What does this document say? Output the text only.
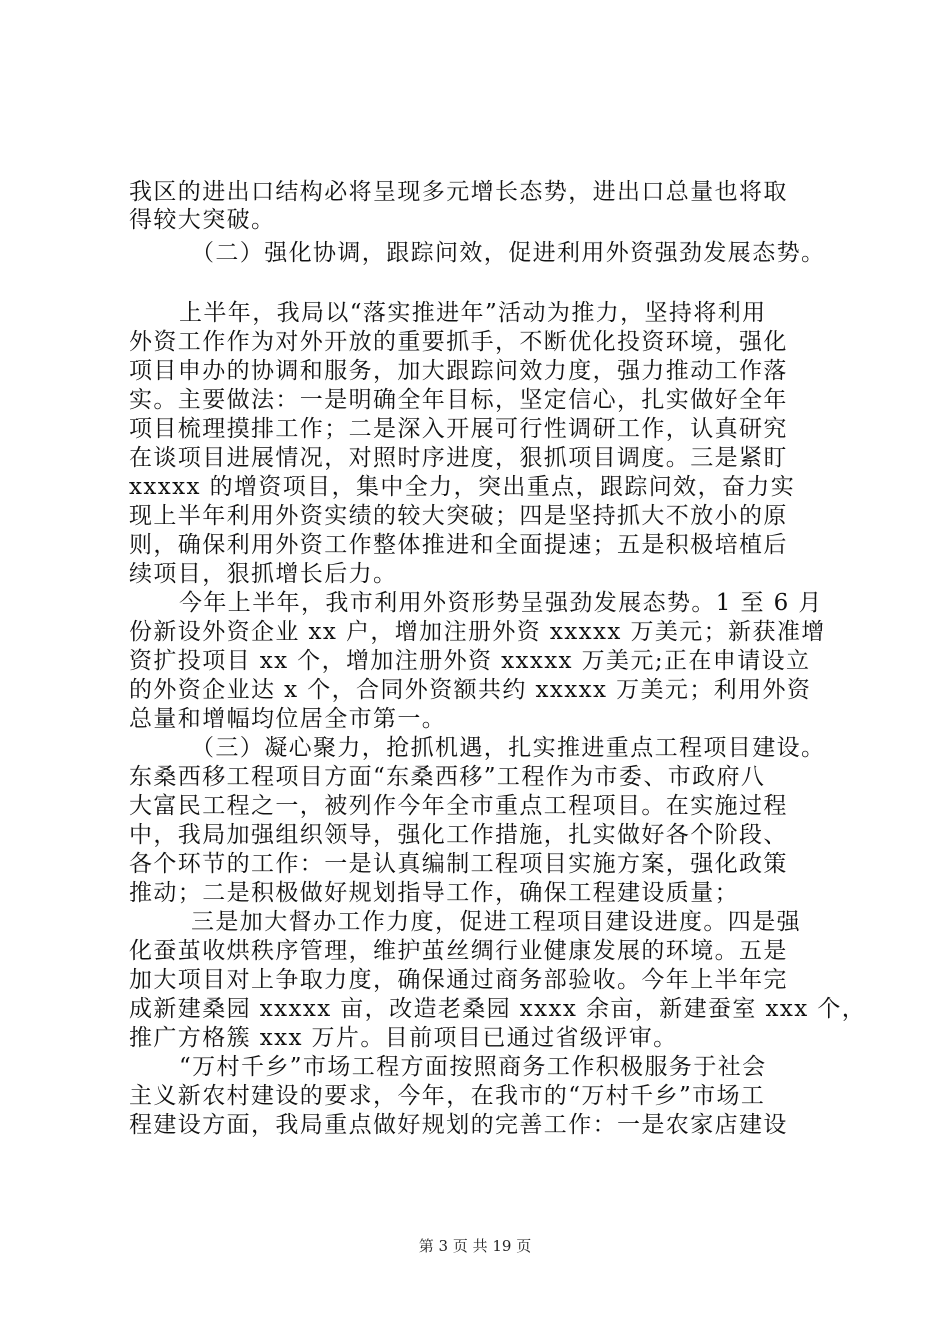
我区的进出口结构必将呈现多元增长态势，进出口总量也将取
得较大突破。
（二）强化协调，跟踪问效，促进利用外资强劲发展态势。
上半年，我局以“落实推进年”活动为推力，坚持将利用
外资工作作为对外开放的重要抓手，不断优化投资环境，强化
项目申办的协调和服务，加大跟踪问效力度，强力推动工作落
实。主要做法：一是明确全年目标，坚定信心，扎实做好全年
项目梳理摸排工作；二是深入开展可行性调研工作，认真研究
在谈项目进展情况，对照时序进度，狠抓项目调度。三是紧盯
xxxxx 的增资项目，集中全力，突出重点，跟踪问效，奋力实
现上半年利用外资实绩的较大突破；四是坚持抓大不放小的原
则，确保利用外资工作整体推进和全面提速；五是积极培植后
续项目，狠抓增长后力。
今年上半年，我市利用外资形势呈强劲发展态势。1 至 6 月
份新设外资企业 xx 户，增加注册外资 xxxxx 万美元；新获准增
资扩投项目 xx 个，增加注册外资 xxxxx 万美元;正在申请设立
的外资企业达 x 个，合同外资额共约 xxxxx 万美元；利用外资
总量和增幅均位居全市第一。
（三）凝心聚力，抢抓机遇，扎实推进重点工程项目建设。
东桑西移工程项目方面“东桑西移”工程作为市委、市政府八
大富民工程之一，被列作今年全市重点工程项目。在实施过程
中，我局加强组织领导，强化工作措施，扎实做好各个阶段、
各个环节的工作：一是认真编制工程项目实施方案，强化政策
推动；二是积极做好规划指导工作，确保工程建设质量；
三是加大督办工作力度，促进工程项目建设进度。四是强
化蚕茧收烘秩序管理，维护茧丝绸行业健康发展的环境。五是
加大项目对上争取力度，确保通过商务部验收。今年上半年完
成新建桑园 xxxxx 亩，改造老桑园 xxxx 余亩，新建蚕室 xxx 个，
推广方格簇 xxx 万片。目前项目已通过省级评审。
“万村千乡”市场工程方面按照商务工作积极服务于社会
主义新农村建设的要求，今年，在我市的“万村千乡”市场工
程建设方面，我局重点做好规划的完善工作：一是农家店建设
第 3 页 共 19 页
